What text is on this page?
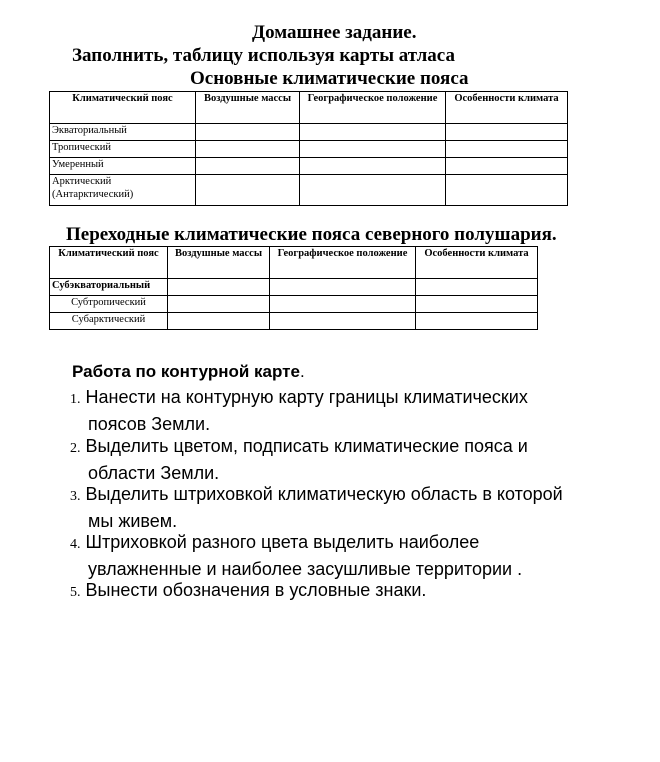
Домашнее задание.
Заполнить, таблицу используя карты атласа
Основные климатические пояса
Климатический пояс	Воздушные массы	Географическое положение	Особенности климата
Экваториальный			
Тропический			
Умеренный			
Арктический (Антарктический)			
Переходные климатические пояса северного полушария.
Климатический пояс	Воздушные массы	Географическое положение	Особенности климата
Субэкваториальный			
Субтропический			
Субарктический			
Работа по контурной карте.
1. Нанести на контурную карту границы климатических
поясов Земли.
2. Выделить цветом, подписать климатические пояса и
области Земли.
3. Выделить штриховкой климатическую область в которой
мы живем.
4. Штриховкой разного цвета выделить наиболее
увлажненные и наиболее засушливые территории .
5. Вынести обозначения в условные знаки.
